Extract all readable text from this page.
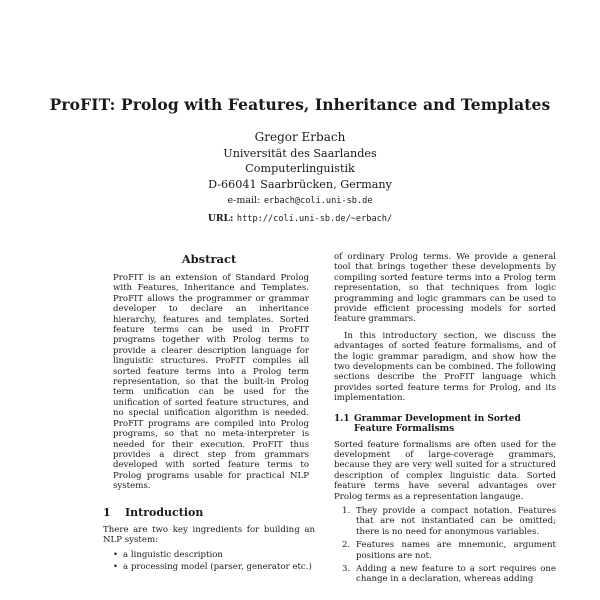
ProFIT: Prolog with Features, Inheritance and Templates
Gregor Erbach
Universität des Saarlandes
Computerlinguistik
D-66041 Saarbrücken, Germany
e-mail: erbach@coli.uni-sb.de
URL: http://coli.uni-sb.de/~erbach/
Abstract

ProFIT is an extension of Standard Prolog with Features, Inheritance and Templates. ProFIT allows the programmer or grammar developer to declare an inheritance hierarchy, features and templates. Sorted feature terms can be used in ProFIT programs together with Prolog terms to provide a clearer description language for linguistic structures. ProFIT compiles all sorted feature terms into a Prolog term representation, so that the built-in Prolog term unification can be used for the unification of sorted feature structures, and no special unification algorithm is needed. ProFIT programs are compiled into Prolog programs, so that no meta-interpreter is needed for their execution. ProFIT thus provides a direct step from grammars developed with sorted feature terms to Prolog programs usable for practical NLP systems.

1	Introduction

There are two key ingredients for building an NLP system:

• a linguistic description
• a processing model (parser, generator etc.)

of ordinary Prolog terms. We provide a general tool that brings together these developments by compiling sorted feature terms into a Prolog term representation, so that techniques from logic programming and logic grammars can be used to provide efficient processing models for sorted feature grammars.

In this introductory section, we discuss the advantages of sorted feature formalisms, and of the logic grammar paradigm, and show how the two developments can be combined. The following sections describe the ProFIT language which provides sorted feature terms for Prolog, and its implementation.

1.1 Grammar Development in Sorted Feature Formalisms

Sorted feature formalisms are often used for the development of large-coverage grammars, because they are very well suited for a structured description of complex linguistic data. Sorted feature terms have several advantages over Prolog terms as a representation langauge.

1. They provide a compact notation. Features that are not instantiated can be omitted; there is no need for anonymous variables.
2. Features names are mnemonic, argument positions are not.
3. Adding a new feature to a sort requires one change in a declaration, whereas adding
